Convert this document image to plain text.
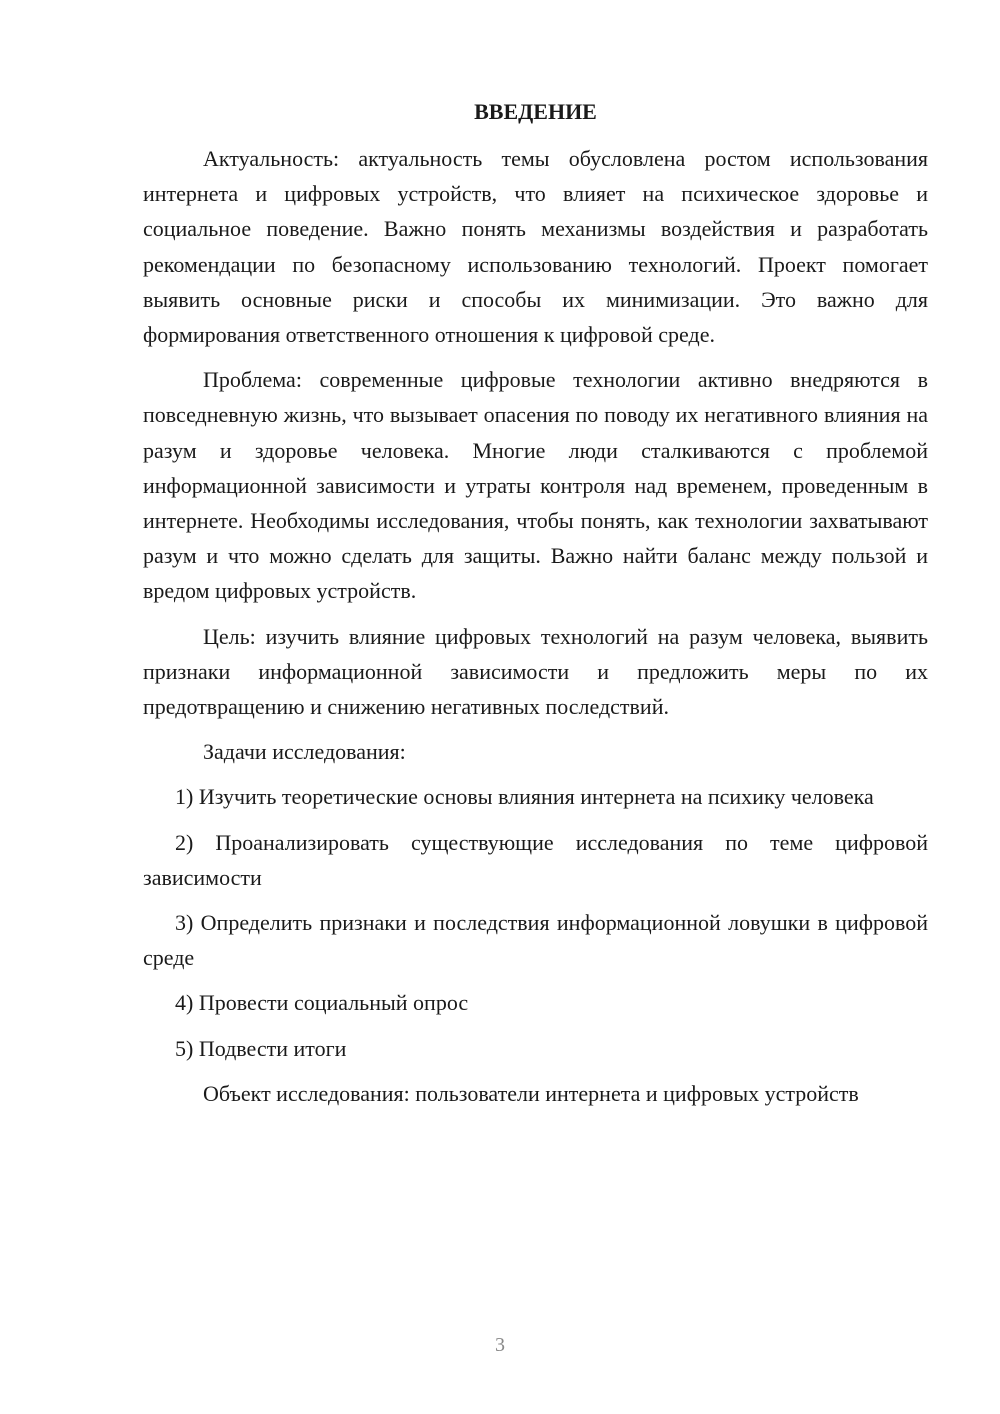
ВВЕДЕНИЕ

Актуальность: актуальность темы обусловлена ростом использования интернета и цифровых устройств, что влияет на психическое здоровье и социальное поведение. Важно понять механизмы воздействия и разработать рекомендации по безопасному использованию технологий. Проект помогает выявить основные риски и способы их минимизации. Это важно для формирования ответственного отношения к цифровой среде.

Проблема: современные цифровые технологии активно внедряются в повседневную жизнь, что вызывает опасения по поводу их негативного влияния на разум и здоровье человека. Многие люди сталкиваются с проблемой информационной зависимости и утраты контроля над временем, проведенным в интернете. Необходимы исследования, чтобы понять, как технологии захватывают разум и что можно сделать для защиты. Важно найти баланс между пользой и вредом цифровых устройств.

Цель: изучить влияние цифровых технологий на разум человека, выявить признаки информационной зависимости и предложить меры по их предотвращению и снижению негативных последствий.

Задачи исследования:

1) Изучить теоретические основы влияния интернета на психику человека

2) Проанализировать существующие исследования по теме цифровой зависимости

3) Определить признаки и последствия информационной ловушки в цифровой среде

4) Провести социальный опрос

5) Подвести итоги

Объект исследования: пользователи интернета и цифровых устройств

3
